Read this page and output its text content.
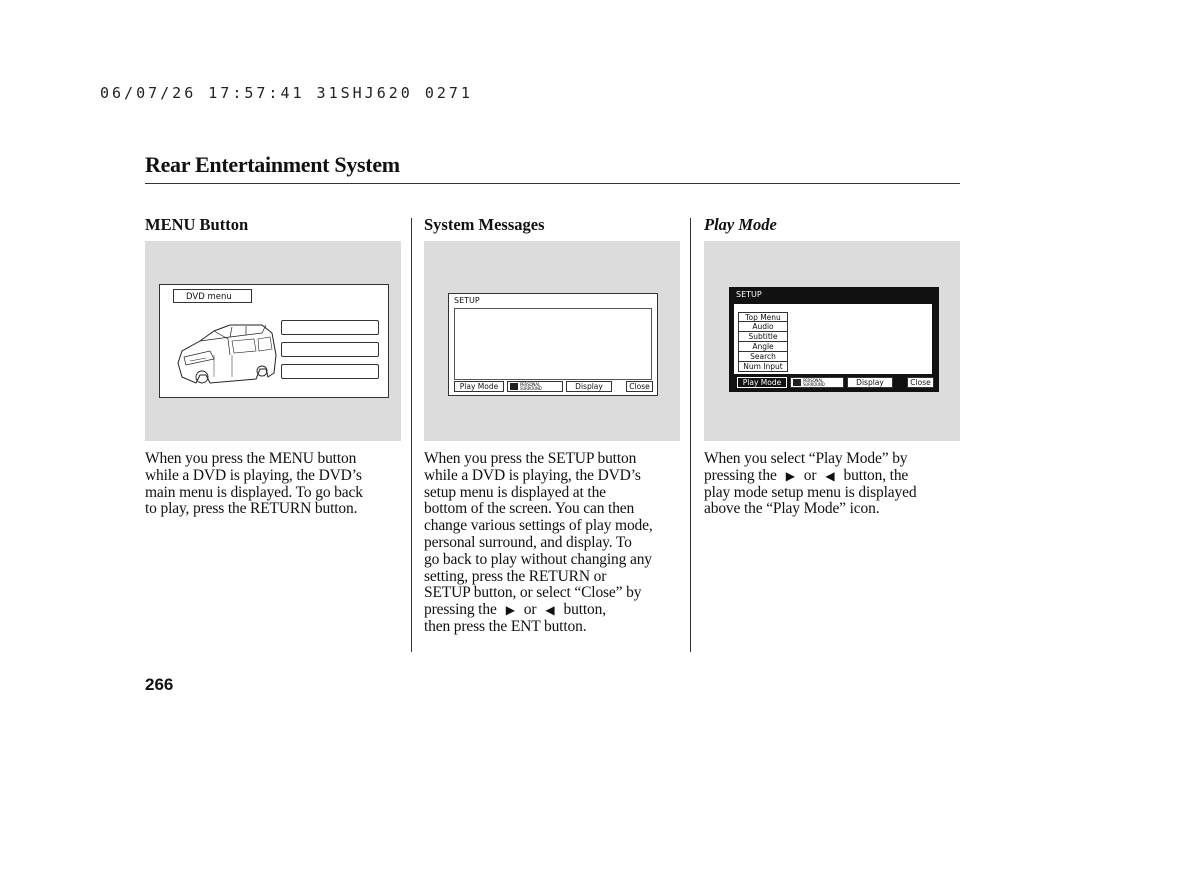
06/07/26 17:57:41 31SHJ620 0271
Rear Entertainment System
MENU Button
DVD menu
When you press the MENU button
while a DVD is playing, the DVD’s
main menu is displayed. To go back
to play, press the RETURN button.
System Messages
SETUP
Play Mode	PERSONAL
SURROUND	Display	Close
When you press the SETUP button
while a DVD is playing, the DVD’s
setup menu is displayed at the
bottom of the screen. You can then
change various settings of play mode,
personal surround, and display. To
go back to play without changing any
setting, press the RETURN or
SETUP button, or select “Close” by
pressing the ▶ or ◀ button,
then press the ENT button.
Play Mode
SETUP
Top Menu
Audio
Subtitle
Angle
Search
Num Input
Play Mode	PERSONAL
SURROUND	Display	Close
When you select “Play Mode” by
pressing the ▶ or ◀ button, the
play mode setup menu is displayed
above the “Play Mode” icon.
266
